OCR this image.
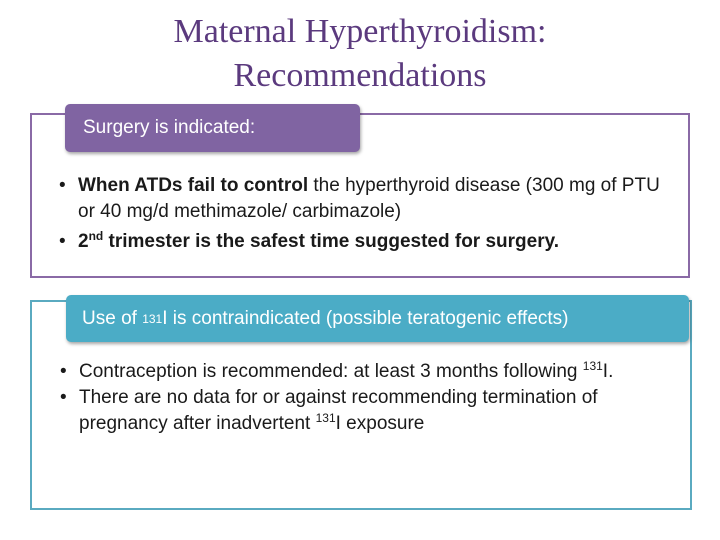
Maternal Hyperthyroidism:
Recommendations
Surgery is indicated:
• When ATDs fail to control the hyperthyroid disease (300 mg of PTU or 40 mg/d methimazole/ carbimazole)
• 2nd trimester is the safest time suggested for surgery.
Use of 131 I is contraindicated (possible teratogenic effects)
• Contraception is recommended: at least 3 months following $^{131}$I.
• There are no data for or against recommending termination of pregnancy after inadvertent $^{131}$I exposure
